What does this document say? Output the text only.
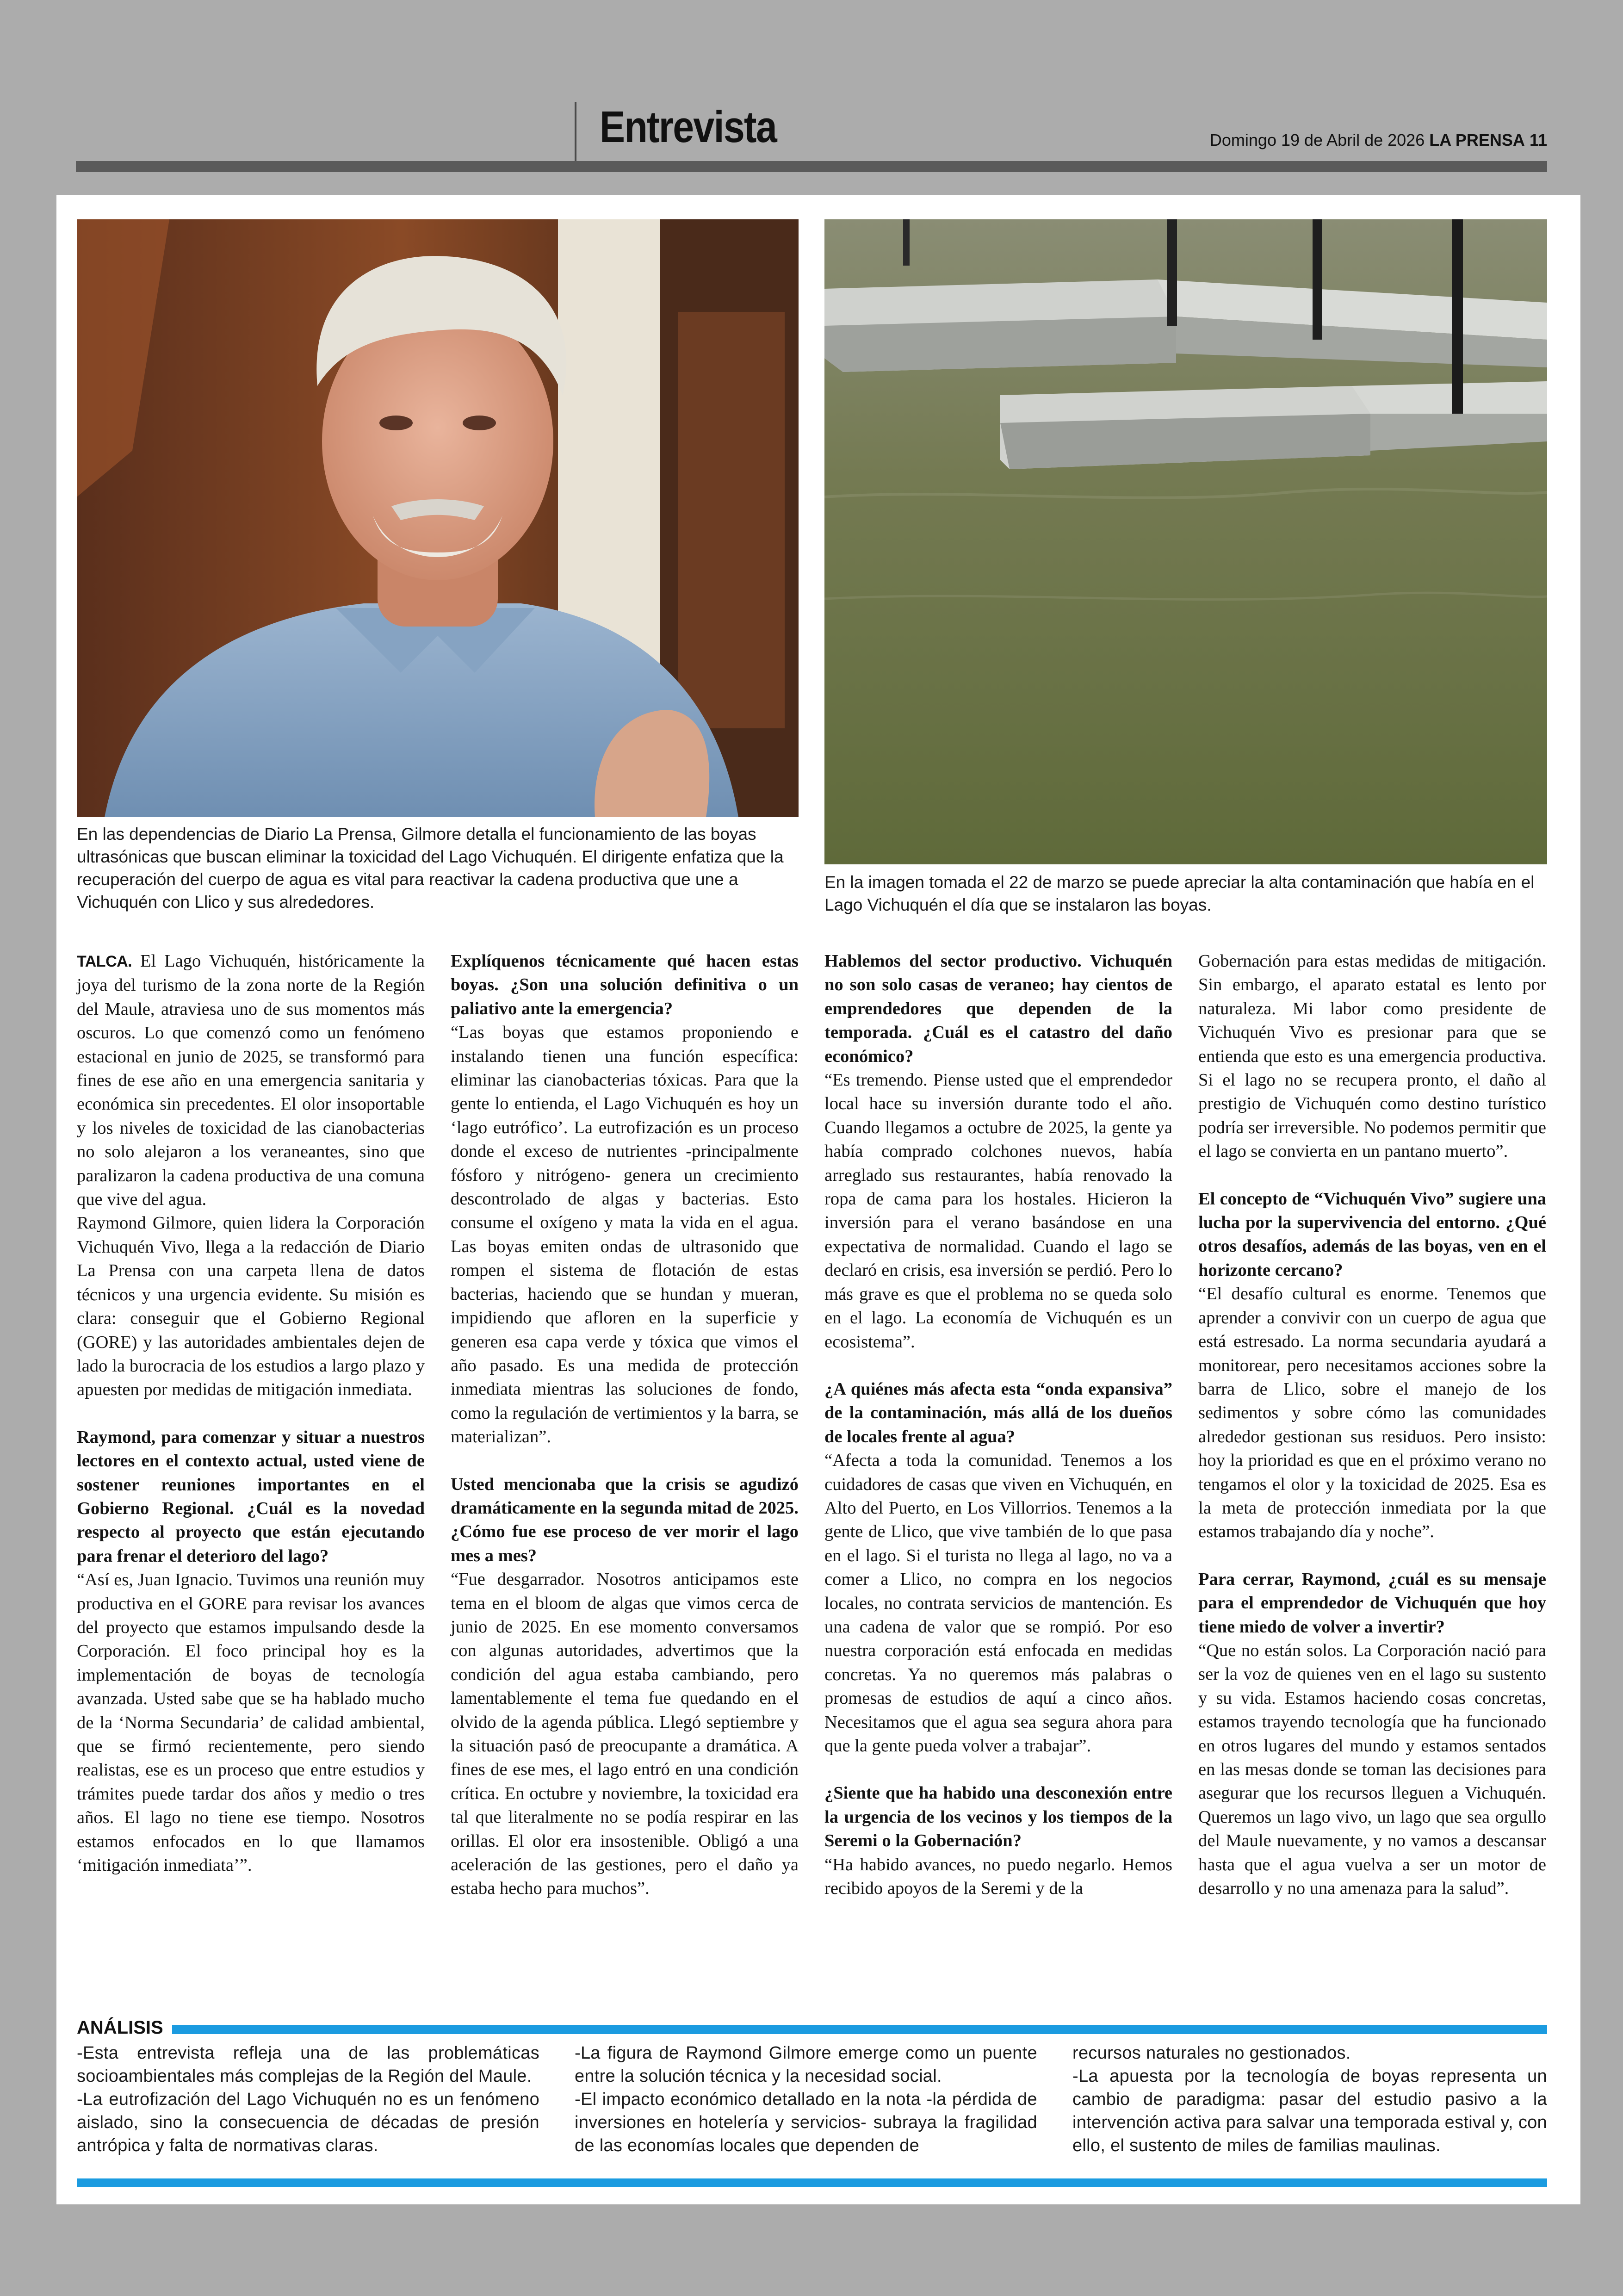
Entrevista	Domingo 19 de Abril de 2026 LA PRENSA 11
En las dependencias de Diario La Prensa, Gilmore detalla el funcionamiento de las boyas ultrasónicas que buscan eliminar la toxicidad del Lago Vichuquén. El dirigente enfatiza que la recuperación del cuerpo de agua es vital para reactivar la cadena productiva que une a Vichuquén con Llico y sus alrededores.
En la imagen tomada el 22 de marzo se puede apreciar la alta contaminación que había en el Lago Vichuquén el día que se instalaron las boyas.

TALCA. El Lago Vichuquén, históricamente la joya del turismo de la zona norte de la Región del Maule, atraviesa uno de sus momentos más oscuros. Lo que comenzó como un fenómeno estacional en junio de 2025, se transformó para fines de ese año en una emergencia sanitaria y económica sin precedentes. El olor insoportable y los niveles de toxicidad de las cianobacterias no solo alejaron a los veraneantes, sino que paralizaron la cadena productiva de una comuna que vive del agua.

Raymond Gilmore, quien lidera la Corporación Vichuquén Vivo, llega a la redacción de Diario La Prensa con una carpeta llena de datos técnicos y una urgencia evidente. Su misión es clara: conseguir que el Gobierno Regional (GORE) y las autoridades ambientales dejen de lado la burocracia de los estudios a largo plazo y apuesten por medidas de mitigación inmediata.

Raymond, para comenzar y situar a nuestros lectores en el contexto actual, usted viene de sostener reuniones importantes en el Gobierno Regional. ¿Cuál es la novedad respecto al proyecto que están ejecutando para frenar el deterioro del lago?

“Así es, Juan Ignacio. Tuvimos una reunión muy productiva en el GORE para revisar los avances del proyecto que estamos impulsando desde la Corporación. El foco principal hoy es la implementación de boyas de tecnología avanzada. Usted sabe que se ha hablado mucho de la ‘Norma Secundaria’ de calidad ambiental, que se firmó recientemente, pero siendo realistas, ese es un proceso que entre estudios y trámites puede tardar dos años y medio o tres años. El lago no tiene ese tiempo. Nosotros estamos enfocados en lo que llamamos ‘mitigación inmediata’”.

Explíquenos técnicamente qué hacen estas boyas. ¿Son una solución definitiva o un paliativo ante la emergencia?

“Las boyas que estamos proponiendo e instalando tienen una función específica: eliminar las cianobacterias tóxicas. Para que la gente lo entienda, el Lago Vichuquén es hoy un ‘lago eutrófico’. La eutrofización es un proceso donde el exceso de nutrientes -principalmente fósforo y nitrógeno- genera un crecimiento descontrolado de algas y bacterias. Esto consume el oxígeno y mata la vida en el agua. Las boyas emiten ondas de ultrasonido que rompen el sistema de flotación de estas bacterias, haciendo que se hundan y mueran, impidiendo que afloren en la superficie y generen esa capa verde y tóxica que vimos el año pasado. Es una medida de protección inmediata mientras las soluciones de fondo, como la regulación de vertimientos y la barra, se materializan”.

Usted mencionaba que la crisis se agudizó dramáticamente en la segunda mitad de 2025. ¿Cómo fue ese proceso de ver morir el lago mes a mes?

“Fue desgarrador. Nosotros anticipamos este tema en el bloom de algas que vimos cerca de junio de 2025. En ese momento conversamos con algunas autoridades, advertimos que la condición del agua estaba cambiando, pero lamentablemente el tema fue quedando en el olvido de la agenda pública. Llegó septiembre y la situación pasó de preocupante a dramática. A fines de ese mes, el lago entró en una condición crítica. En octubre y noviembre, la toxicidad era tal que literalmente no se podía respirar en las orillas. El olor era insostenible. Obligó a una aceleración de las gestiones, pero el daño ya estaba hecho para muchos”.

Hablemos del sector productivo. Vichuquén no son solo casas de veraneo; hay cientos de emprendedores que dependen de la temporada. ¿Cuál es el catastro del daño económico?

“Es tremendo. Piense usted que el emprendedor local hace su inversión durante todo el año. Cuando llegamos a octubre de 2025, la gente ya había comprado colchones nuevos, había arreglado sus restaurantes, había renovado la ropa de cama para los hostales. Hicieron la inversión para el verano basándose en una expectativa de normalidad. Cuando el lago se declaró en crisis, esa inversión se perdió. Pero lo más grave es que el problema no se queda solo en el lago. La economía de Vichuquén es un ecosistema”.

¿A quiénes más afecta esta “onda expansiva” de la contaminación, más allá de los dueños de locales frente al agua?

“Afecta a toda la comunidad. Tenemos a los cuidadores de casas que viven en Vichuquén, en Alto del Puerto, en Los Villorrios. Tenemos a la gente de Llico, que vive también de lo que pasa en el lago. Si el turista no llega al lago, no va a comer a Llico, no compra en los negocios locales, no contrata servicios de mantención. Es una cadena de valor que se rompió. Por eso nuestra corporación está enfocada en medidas concretas. Ya no queremos más palabras o promesas de estudios de aquí a cinco años. Necesitamos que el agua sea segura ahora para que la gente pueda volver a trabajar”.

¿Siente que ha habido una desconexión entre la urgencia de los vecinos y los tiempos de la Seremi o la Gobernación?

“Ha habido avances, no puedo negarlo. Hemos recibido apoyos de la Seremi y de la

Gobernación para estas medidas de mitigación. Sin embargo, el aparato estatal es lento por naturaleza. Mi labor como presidente de Vichuquén Vivo es presionar para que se entienda que esto es una emergencia productiva. Si el lago no se recupera pronto, el daño al prestigio de Vichuquén como destino turístico podría ser irreversible. No podemos permitir que el lago se convierta en un pantano muerto”.

El concepto de “Vichuquén Vivo” sugiere una lucha por la supervivencia del entorno. ¿Qué otros desafíos, además de las boyas, ven en el horizonte cercano?

“El desafío cultural es enorme. Tenemos que aprender a convivir con un cuerpo de agua que está estresado. La norma secundaria ayudará a monitorear, pero necesitamos acciones sobre la barra de Llico, sobre el manejo de los sedimentos y sobre cómo las comunidades alrededor gestionan sus residuos. Pero insisto: hoy la prioridad es que en el próximo verano no tengamos el olor y la toxicidad de 2025. Esa es la meta de protección inmediata por la que estamos trabajando día y noche”.

Para cerrar, Raymond, ¿cuál es su mensaje para el emprendedor de Vichuquén que hoy tiene miedo de volver a invertir?

“Que no están solos. La Corporación nació para ser la voz de quienes ven en el lago su sustento y su vida. Estamos haciendo cosas concretas, estamos trayendo tecnología que ha funcionado en otros lugares del mundo y estamos sentados en las mesas donde se toman las decisiones para asegurar que los recursos lleguen a Vichuquén. Queremos un lago vivo, un lago que sea orgullo del Maule nuevamente, y no vamos a descansar hasta que el agua vuelva a ser un motor de desarrollo y no una amenaza para la salud”.

ANÁLISIS

-Esta entrevista refleja una de las problemáticas socioambientales más complejas de la Región del Maule.

-La eutrofización del Lago Vichuquén no es un fenómeno aislado, sino la consecuencia de décadas de presión antrópica y falta de normativas claras.

-La figura de Raymond Gilmore emerge como un puente entre la solución técnica y la necesidad social.

-El impacto económico detallado en la nota -la pérdida de inversiones en hotelería y servicios- subraya la fragilidad de las economías locales que dependen de

recursos naturales no gestionados.

-La apuesta por la tecnología de boyas representa un cambio de paradigma: pasar del estudio pasivo a la intervención activa para salvar una temporada estival y, con ello, el sustento de miles de familias maulinas.
